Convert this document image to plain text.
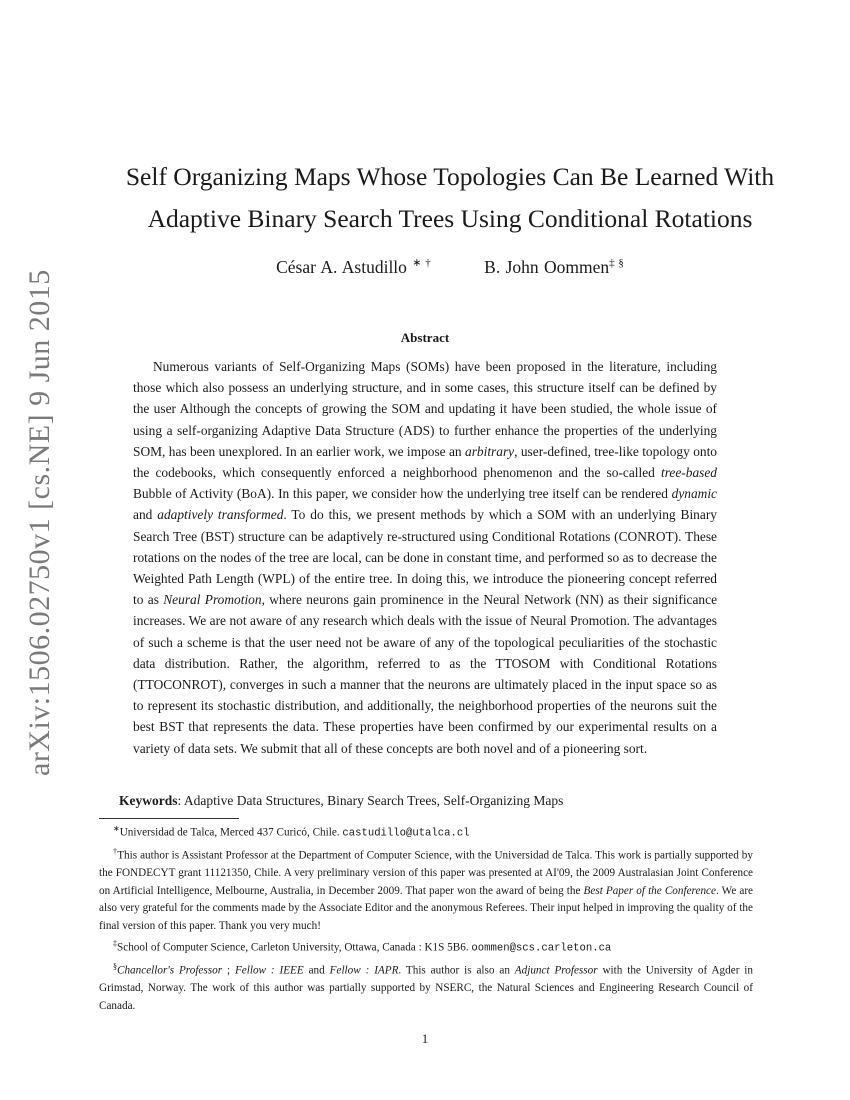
arXiv:1506.02750v1 [cs.NE] 9 Jun 2015
Self Organizing Maps Whose Topologies Can Be Learned With
Adaptive Binary Search Trees Using Conditional Rotations
César A. Astudillo ∗ †	B. John Oommen‡ §
Abstract

Numerous variants of Self-Organizing Maps (SOMs) have been proposed in the literature, including those which also possess an underlying structure, and in some cases, this structure itself can be defined by the user Although the concepts of growing the SOM and updating it have been studied, the whole issue of using a self-organizing Adaptive Data Structure (ADS) to further enhance the properties of the underlying SOM, has been unexplored. In an earlier work, we impose an arbitrary, user-defined, tree-like topology onto the codebooks, which consequently enforced a neighborhood phenomenon and the so-called tree-based Bubble of Activity (BoA). In this paper, we consider how the underlying tree itself can be rendered dynamic and adaptively transformed. To do this, we present methods by which a SOM with an underlying Binary Search Tree (BST) structure can be adaptively re-structured using Conditional Rotations (CONROT). These rotations on the nodes of the tree are local, can be done in constant time, and performed so as to decrease the Weighted Path Length (WPL) of the entire tree. In doing this, we introduce the pioneering concept referred to as Neural Promotion, where neurons gain prominence in the Neural Network (NN) as their significance increases. We are not aware of any research which deals with the issue of Neural Promotion. The advantages of such a scheme is that the user need not be aware of any of the topological peculiarities of the stochastic data distribution. Rather, the algorithm, referred to as the TTOSOM with Conditional Rotations (TTOCONROT), converges in such a manner that the neurons are ultimately placed in the input space so as to represent its stochastic distribution, and additionally, the neighborhood properties of the neurons suit the best BST that represents the data. These properties have been confirmed by our experimental results on a variety of data sets. We submit that all of these concepts are both novel and of a pioneering sort.

Keywords: Adaptive Data Structures, Binary Search Trees, Self-Organizing Maps

∗Universidad de Talca, Merced 437 Curicó, Chile. castudillo@utalca.cl

†This author is Assistant Professor at the Department of Computer Science, with the Universidad de Talca. This work is partially supported by the FONDECYT grant 11121350, Chile. A very preliminary version of this paper was presented at AI'09, the 2009 Australasian Joint Conference on Artificial Intelligence, Melbourne, Australia, in December 2009. That paper won the award of being the Best Paper of the Conference. We are also very grateful for the comments made by the Associate Editor and the anonymous Referees. Their input helped in improving the quality of the final version of this paper. Thank you very much!

‡School of Computer Science, Carleton University, Ottawa, Canada : K1S 5B6. oommen@scs.carleton.ca

§Chancellor's Professor ; Fellow : IEEE and Fellow : IAPR. This author is also an Adjunct Professor with the University of Agder in Grimstad, Norway. The work of this author was partially supported by NSERC, the Natural Sciences and Engineering Research Council of Canada.

1
